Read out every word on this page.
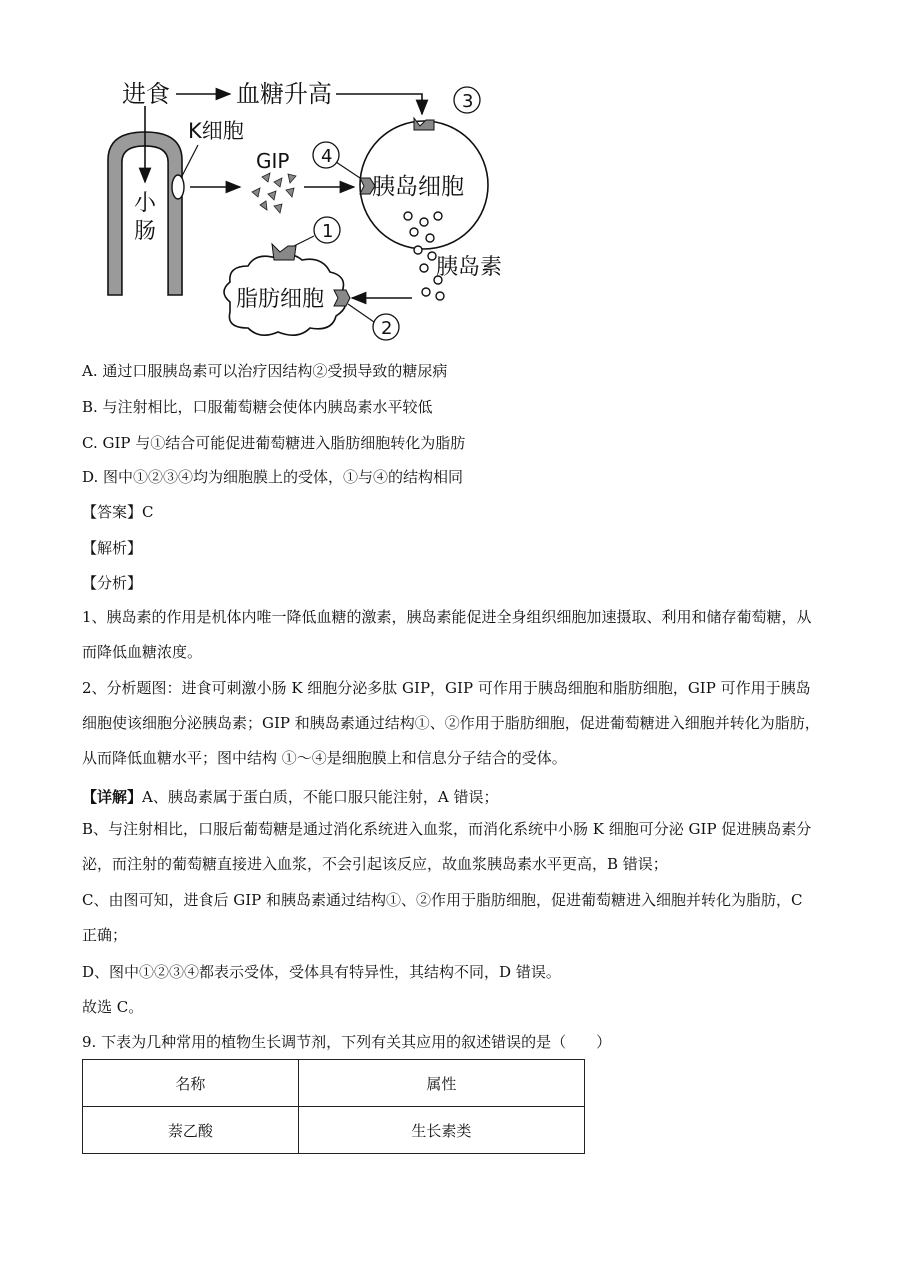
进食	血糖升高	3
小
肠
K细胞
GIP 4
胰岛细胞
胰岛素
脂肪细胞
1
2
A. 通过口服胰岛素可以治疗因结构②受损导致的糖尿病
B. 与注射相比，口服葡萄糖会使体内胰岛素水平较低
C. GIP 与①结合可能促进葡萄糖进入脂肪细胞转化为脂肪
D. 图中①②③④均为细胞膜上的受体，①与④的结构相同
【答案】C
【解析】
【分析】
1、胰岛素的作用是机体内唯一降低血糖的激素，胰岛素能促进全身组织细胞加速摄取、利用和储存葡萄糖，从而降低血糖浓度。
2、分析题图：进食可刺激小肠 K 细胞分泌多肽 GIP，GIP 可作用于胰岛细胞和脂肪细胞，GIP 可作用于胰岛细胞使该细胞分泌胰岛素；GIP 和胰岛素通过结构①、②作用于脂肪细胞，促进葡萄糖进入细胞并转化为脂肪，从而降低血糖水平；图中结构 ①～④是细胞膜上和信息分子结合的受体。
【详解】A、胰岛素属于蛋白质，不能口服只能注射，A 错误；
B、与注射相比，口服后葡萄糖是通过消化系统进入血浆，而消化系统中小肠 K 细胞可分泌 GIP 促进胰岛素分泌，而注射的葡萄糖直接进入血浆，不会引起该反应，故血浆胰岛素水平更高，B 错误；
C、由图可知，进食后 GIP 和胰岛素通过结构①、②作用于脂肪细胞，促进葡萄糖进入细胞并转化为脂肪，C 正确；
D、图中①②③④都表示受体，受体具有特异性，其结构不同，D 错误。
故选 C。
9. 下表为几种常用的植物生长调节剂，下列有关其应用的叙述错误的是（　　）
名称	属性
萘乙酸	生长素类
